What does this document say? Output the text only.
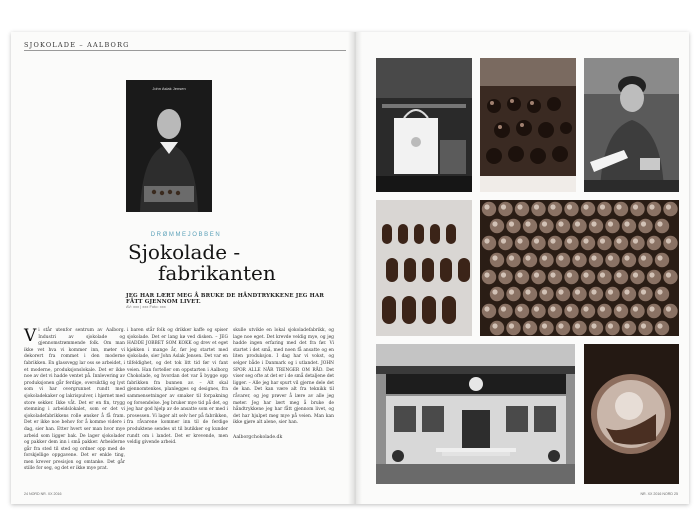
SJOKOLADE – AALBORG
John Aslak Jensen
DRØMMEJOBBEN
Sjokolade -
fabrikanten
JEG HAR LÆRT MEG Å BRUKE DE HÅNDTRYKKENE JEG HAR FÅTT GJENNOM LIVET.
AV: xxx | xxx Foto: xxx

Vi står utenfor sentrum av Aalborg. Industri av sjokolade og gjennomstrømmende folk. Om man ikke vet hva vi kommer inn, møter vi dekorert fra rommet i den moderne fabrikken. En glassvegg lar oss se arbeidet, i et moderne, produksjonslokale. Det er ikke noe av det vi hadde ventet på. Innlevering av produksjonen går ferdige, oversiktlig og lyst som vi har overgrunnet rundt med sjokoladekaker og lakrispulver, i hjørnet med store sekker. Ikke våt. Det er en fin, trygg stemning i arbeidslokalet, som er det vi sjokoladefabrikkens rolle ønsker å få fram. Det er ikke noe behov for å komme videre i dag, sier han. Etter hvert ser man hvor mye arbeid som ligger bak. De lager sjokolader og pakker dem inn i små pakker. Arbeiderne går fra sted til sted og ordner opp med de forskjellige oppgavene. Det er enkle ting, men krever presisjon og omtanke. Det går stille for seg, og det er ikke mye prat.

i baren står folk og drikker kaffe og spiser sjokolade. Det er lang kø ved disken. – JEG HADDE JOBBET SOM KOKK og drev et eget kjøkken i mange år, før jeg startet med sjokolade, sier John Aslak Jensen. Det var en tilfeldighet, og det tok litt tid før vi fant veien. Han forteller om oppstarten i Aalborg Chokolade, og hvordan det var å bygge opp fabrikken fra bunnen av. – Alt skal gjennomtenkes, planlegges og designes, fra sammensetninger av smaker til forpakning og forsendelse. Jeg bruker mye tid på det, og jeg har god hjelp av de ansatte som er med i prosessen. Vi lager alt selv her på fabrikken, fra råvarene kommer inn til de ferdige produktene sendes ut til butikker og kunder rundt om i landet. Det er krevende, men veldig givende arbeid.

skulle utvikle en lokal sjokoladefabrikk, og lage noe eget. Det krevde veldig mye, og jeg hadde ingen erfaring med det fra før. Vi startet i det små, med noen få ansatte og en liten produksjon. I dag har vi vokst, og selger både i Danmark og i utlandet. JOHN SPOR ALLE NÅR TRENGER OM RÅD. Det viser seg ofte at det er i de små detaljene det ligger. – Alle jeg har spurt vil gjerne dele det de kan. Det kan være alt fra teknikk til råvarer, og jeg prøver å lære av alle jeg møter. Jeg har lært meg å bruke de håndtrykkene jeg har fått gjennom livet, og det har hjulpet meg mye på veien. Man kan ikke gjøre alt alene, sier han.
Aalborgchokolade.dk
24 NORD NR. XX 2016	NR. XX 2016 NORD 25
